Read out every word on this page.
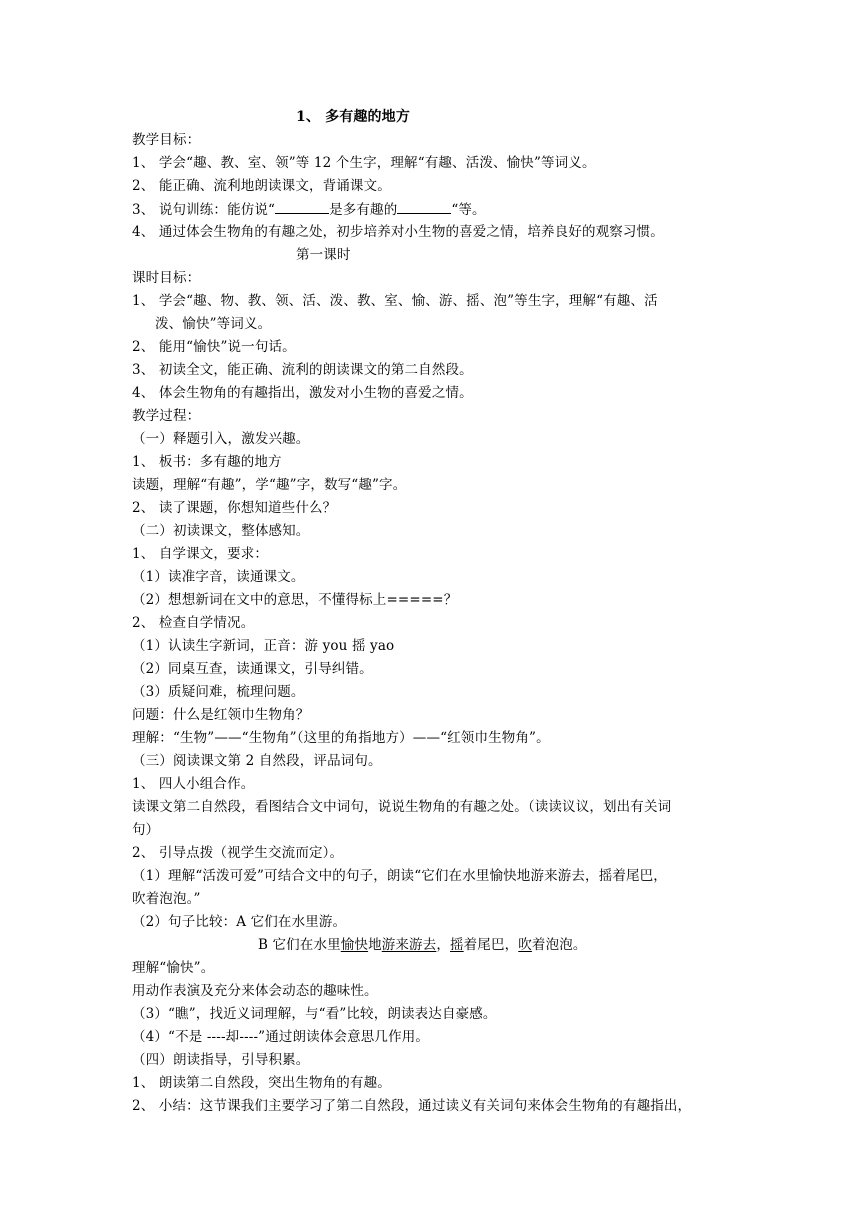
1、 多有趣的地方
教学目标：
1、 学会“趣、教、室、领”等 12 个生字，理解“有趣、活泼、愉快”等词义。
2、 能正确、流利地朗读课文，背诵课文。
3、 说句训练：能仿说“	是多有趣的	“等。
4、 通过体会生物角的有趣之处，初步培养对小生物的喜爱之情，培养良好的观察习惯。
第一课时
课时目标：
1、 学会“趣、物、教、领、活、泼、教、室、愉、游、摇、泡”等生字，理解“有趣、活
泼、愉快”等词义。
2、 能用“愉快”说一句话。
3、 初读全文，能正确、流利的朗读课文的第二自然段。
4、 体会生物角的有趣指出，激发对小生物的喜爱之情。
教学过程：
（一）释题引入，激发兴趣。
1、 板书：多有趣的地方
读题，理解“有趣”，学“趣”字，数写“趣”字。
2、 读了课题，你想知道些什么？
（二）初读课文，整体感知。
1、 自学课文，要求：
（1）读准字音，读通课文。
（2）想想新词在文中的意思，不懂得标上=====？
2、 检查自学情况。
（1）认读生字新词，正音：游 you 摇 yao
（2）同桌互查，读通课文，引导纠错。
（3）质疑问难，梳理问题。
问题：什么是红领巾生物角？
理解：“生物”——“生物角”（这里的角指地方）——“红领巾生物角”。
（三）阅读课文第 2 自然段，评品词句。
1、 四人小组合作。
读课文第二自然段，看图结合文中词句，说说生物角的有趣之处。（读读议议，划出有关词
句）
2、 引导点拨（视学生交流而定）。
（1）理解“活泼可爱”可结合文中的句子，朗读“它们在水里愉快地游来游去，摇着尾巴，
吹着泡泡。”
（2）句子比较：A 它们在水里游。
B 它们在水里愉快地游来游去，摇着尾巴，吹着泡泡。
理解“愉快”。
用动作表演及充分来体会动态的趣味性。
（3）“瞧”，找近义词理解，与“看”比较，朗读表达自豪感。
（4）“不是 ----却----”通过朗读体会意思几作用。
（四）朗读指导，引导积累。
1、 朗读第二自然段，突出生物角的有趣。
2、 小结：这节课我们主要学习了第二自然段，通过读义有关词句来体会生物角的有趣指出，
